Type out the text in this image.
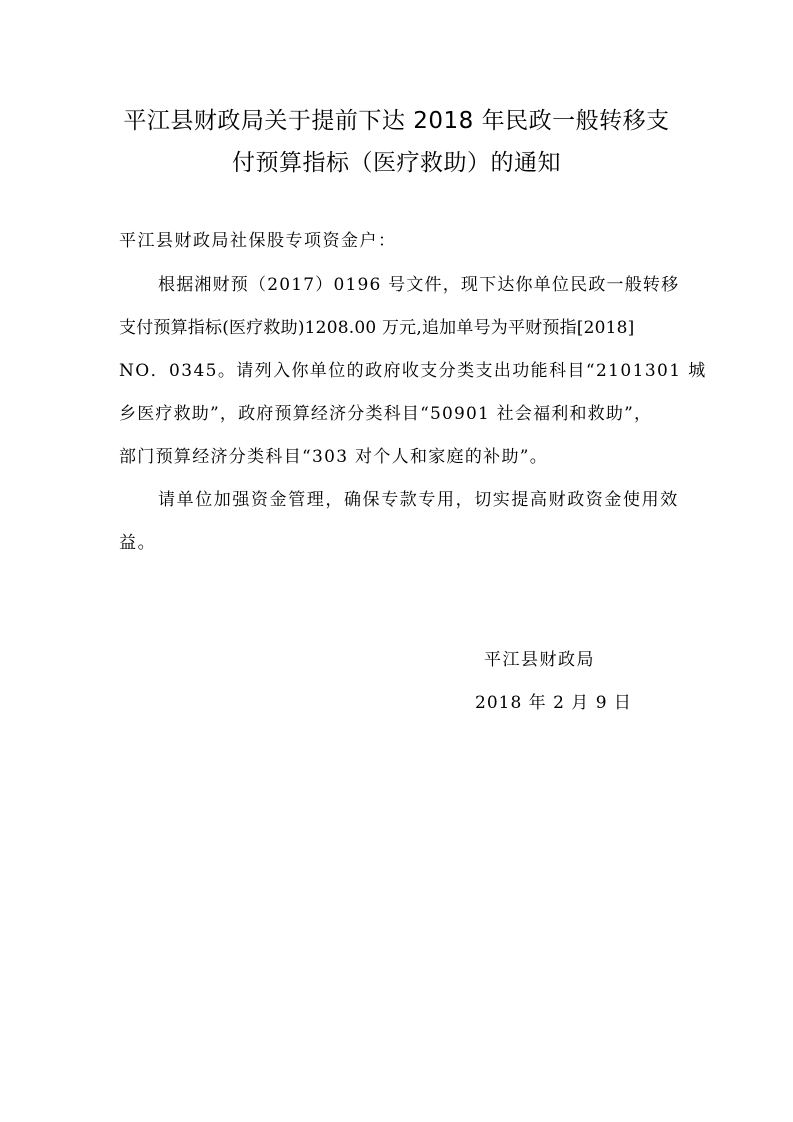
平江县财政局关于提前下达 2018 年民政一般转移支
付预算指标（医疗救助）的通知
平江县财政局社保股专项资金户：
根据湘财预（2017）0196 号文件，现下达你单位民政一般转移
支付预算指标(医疗救助)1208.00 万元,追加单号为平财预指[2018]
NO．0345。请列入你单位的政府收支分类支出功能科目“2101301 城
乡医疗救助”，政府预算经济分类科目“50901 社会福利和救助”，
部门预算经济分类科目“303 对个人和家庭的补助”。
请单位加强资金管理，确保专款专用，切实提高财政资金使用效
益。
平江县财政局
2018 年 2 月 9 日
